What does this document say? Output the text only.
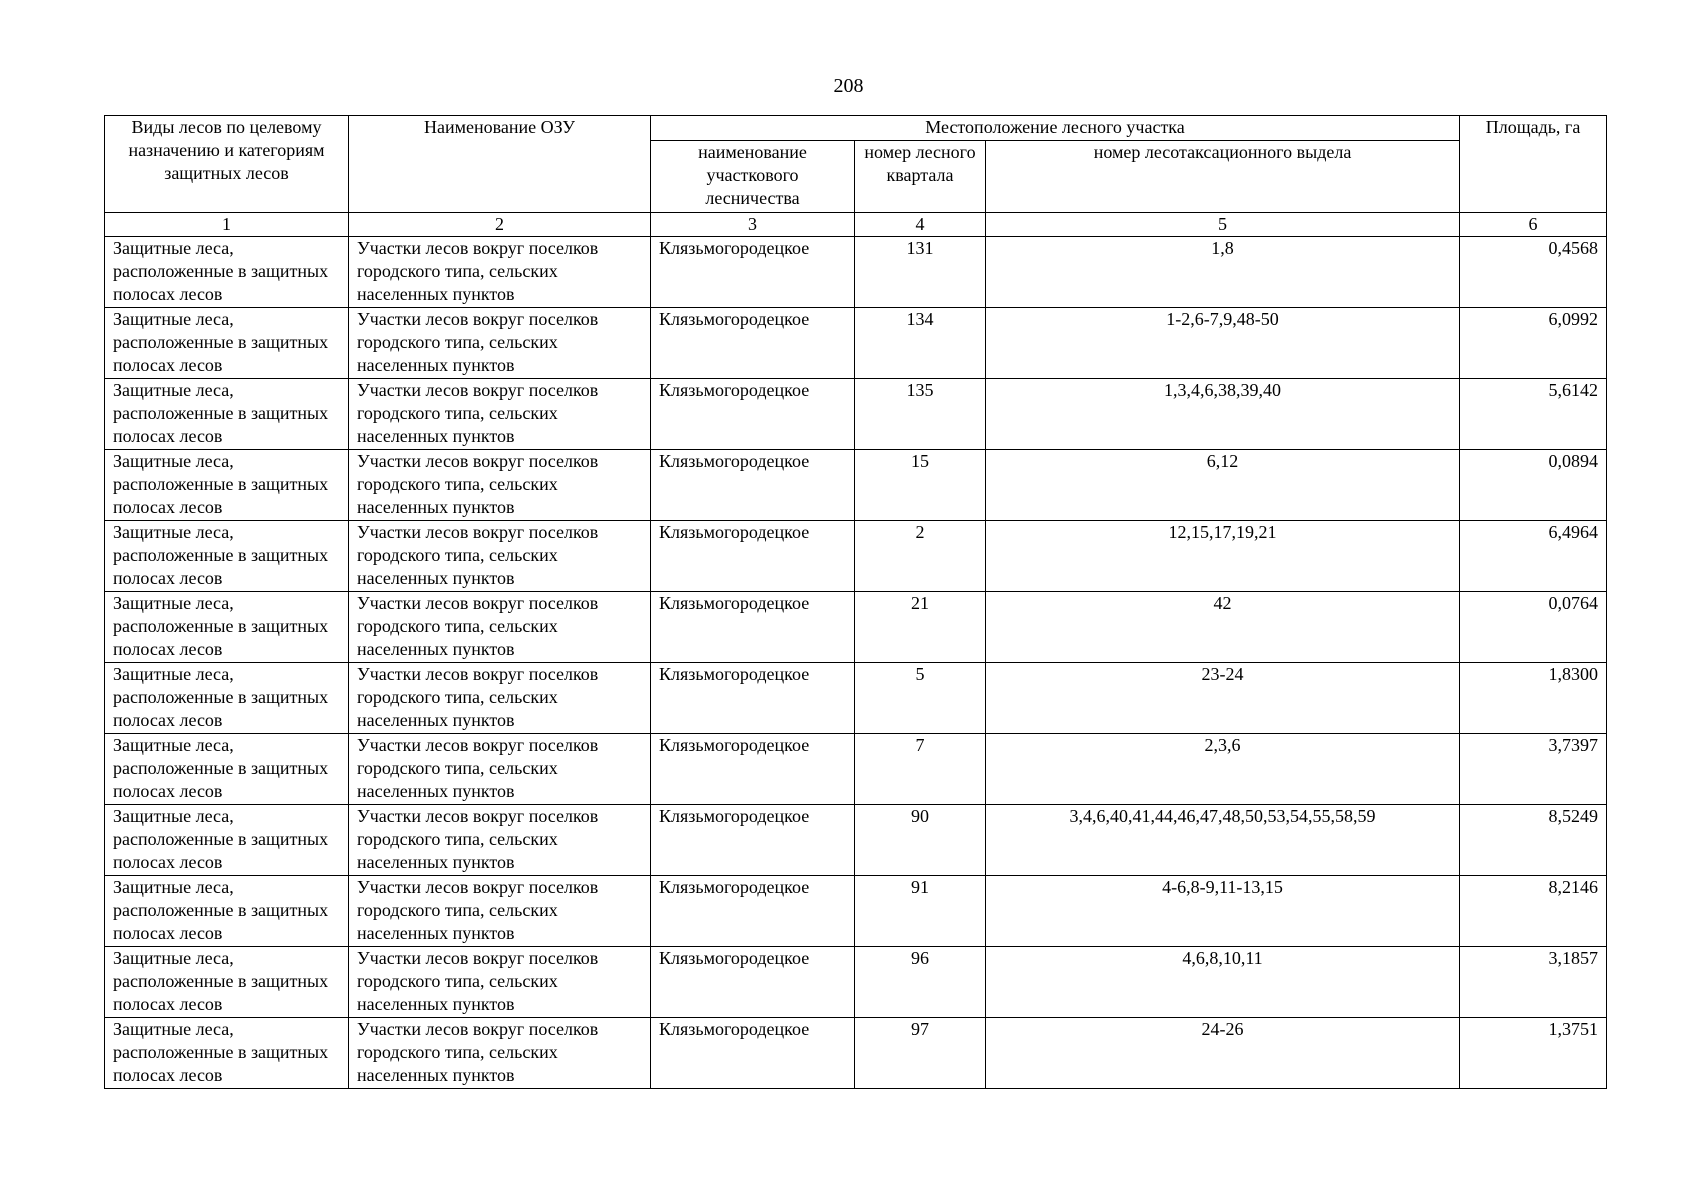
208
Виды лесов по целевому назначению и категориям защитных лесов	Наименование ОЗУ	Местоположение лесного участка			Площадь, га
		наименование участкового лесничества	номер лесного квартала	номер лесотаксационного выдела	
1	2	3	4	5	6
Защитные леса, расположенные в защитных полосах лесов	Участки лесов вокруг поселков городского типа, сельских населенных пунктов	Клязьмогородецкое	131	1,8	0,4568
Защитные леса, расположенные в защитных полосах лесов	Участки лесов вокруг поселков городского типа, сельских населенных пунктов	Клязьмогородецкое	134	1-2,6-7,9,48-50	6,0992
Защитные леса, расположенные в защитных полосах лесов	Участки лесов вокруг поселков городского типа, сельских населенных пунктов	Клязьмогородецкое	135	1,3,4,6,38,39,40	5,6142
Защитные леса, расположенные в защитных полосах лесов	Участки лесов вокруг поселков городского типа, сельских населенных пунктов	Клязьмогородецкое	15	6,12	0,0894
Защитные леса, расположенные в защитных полосах лесов	Участки лесов вокруг поселков городского типа, сельских населенных пунктов	Клязьмогородецкое	2	12,15,17,19,21	6,4964
Защитные леса, расположенные в защитных полосах лесов	Участки лесов вокруг поселков городского типа, сельских населенных пунктов	Клязьмогородецкое	21	42	0,0764
Защитные леса, расположенные в защитных полосах лесов	Участки лесов вокруг поселков городского типа, сельских населенных пунктов	Клязьмогородецкое	5	23-24	1,8300
Защитные леса, расположенные в защитных полосах лесов	Участки лесов вокруг поселков городского типа, сельских населенных пунктов	Клязьмогородецкое	7	2,3,6	3,7397
Защитные леса, расположенные в защитных полосах лесов	Участки лесов вокруг поселков городского типа, сельских населенных пунктов	Клязьмогородецкое	90	3,4,6,40,41,44,46,47,48,50,53,54,55,58,59	8,5249
Защитные леса, расположенные в защитных полосах лесов	Участки лесов вокруг поселков городского типа, сельских населенных пунктов	Клязьмогородецкое	91	4-6,8-9,11-13,15	8,2146
Защитные леса, расположенные в защитных полосах лесов	Участки лесов вокруг поселков городского типа, сельских населенных пунктов	Клязьмогородецкое	96	4,6,8,10,11	3,1857
Защитные леса, расположенные в защитных полосах лесов	Участки лесов вокруг поселков городского типа, сельских населенных пунктов	Клязьмогородецкое	97	24-26	1,3751
